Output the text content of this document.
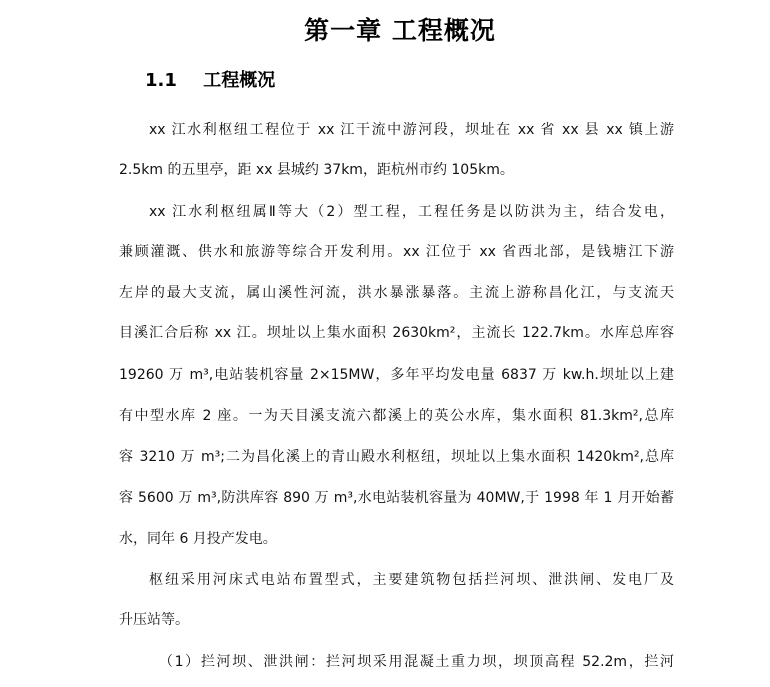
第一章 工程概况
1.1 工程概况

xx 江水利枢纽工程位于 xx 江干流中游河段，坝址在 xx 省 xx 县 xx 镇上游

2.5km 的五里亭，距 xx 县城约 37km，距杭州市约 105km。

xx 江水利枢纽属Ⅱ等大（2）型工程，工程任务是以防洪为主，结合发电，

兼顾灌溉、供水和旅游等综合开发利用。xx 江位于 xx 省西北部，是钱塘江下游

左岸的最大支流，属山溪性河流，洪水暴涨暴落。主流上游称昌化江，与支流天

目溪汇合后称 xx 江。坝址以上集水面积 2630km²，主流长 122.7km。水库总库容

19260 万 m³,电站装机容量 2×15MW，多年平均发电量 6837 万 kw.h.坝址以上建

有中型水库 2 座。一为天目溪支流六都溪上的英公水库，集水面积 81.3km²,总库

容 3210 万 m³;二为昌化溪上的青山殿水利枢纽，坝址以上集水面积 1420km²,总库

容 5600 万 m³,防洪库容 890 万 m³,水电站装机容量为 40MW,于 1998 年 1 月开始蓄

水，同年 6 月投产发电。

枢纽采用河床式电站布置型式，主要建筑物包括拦河坝、泄洪闸、发电厂及

升压站等。

（1）拦河坝、泄洪闸：拦河坝采用混凝土重力坝，坝顶高程 52.2m，拦河
